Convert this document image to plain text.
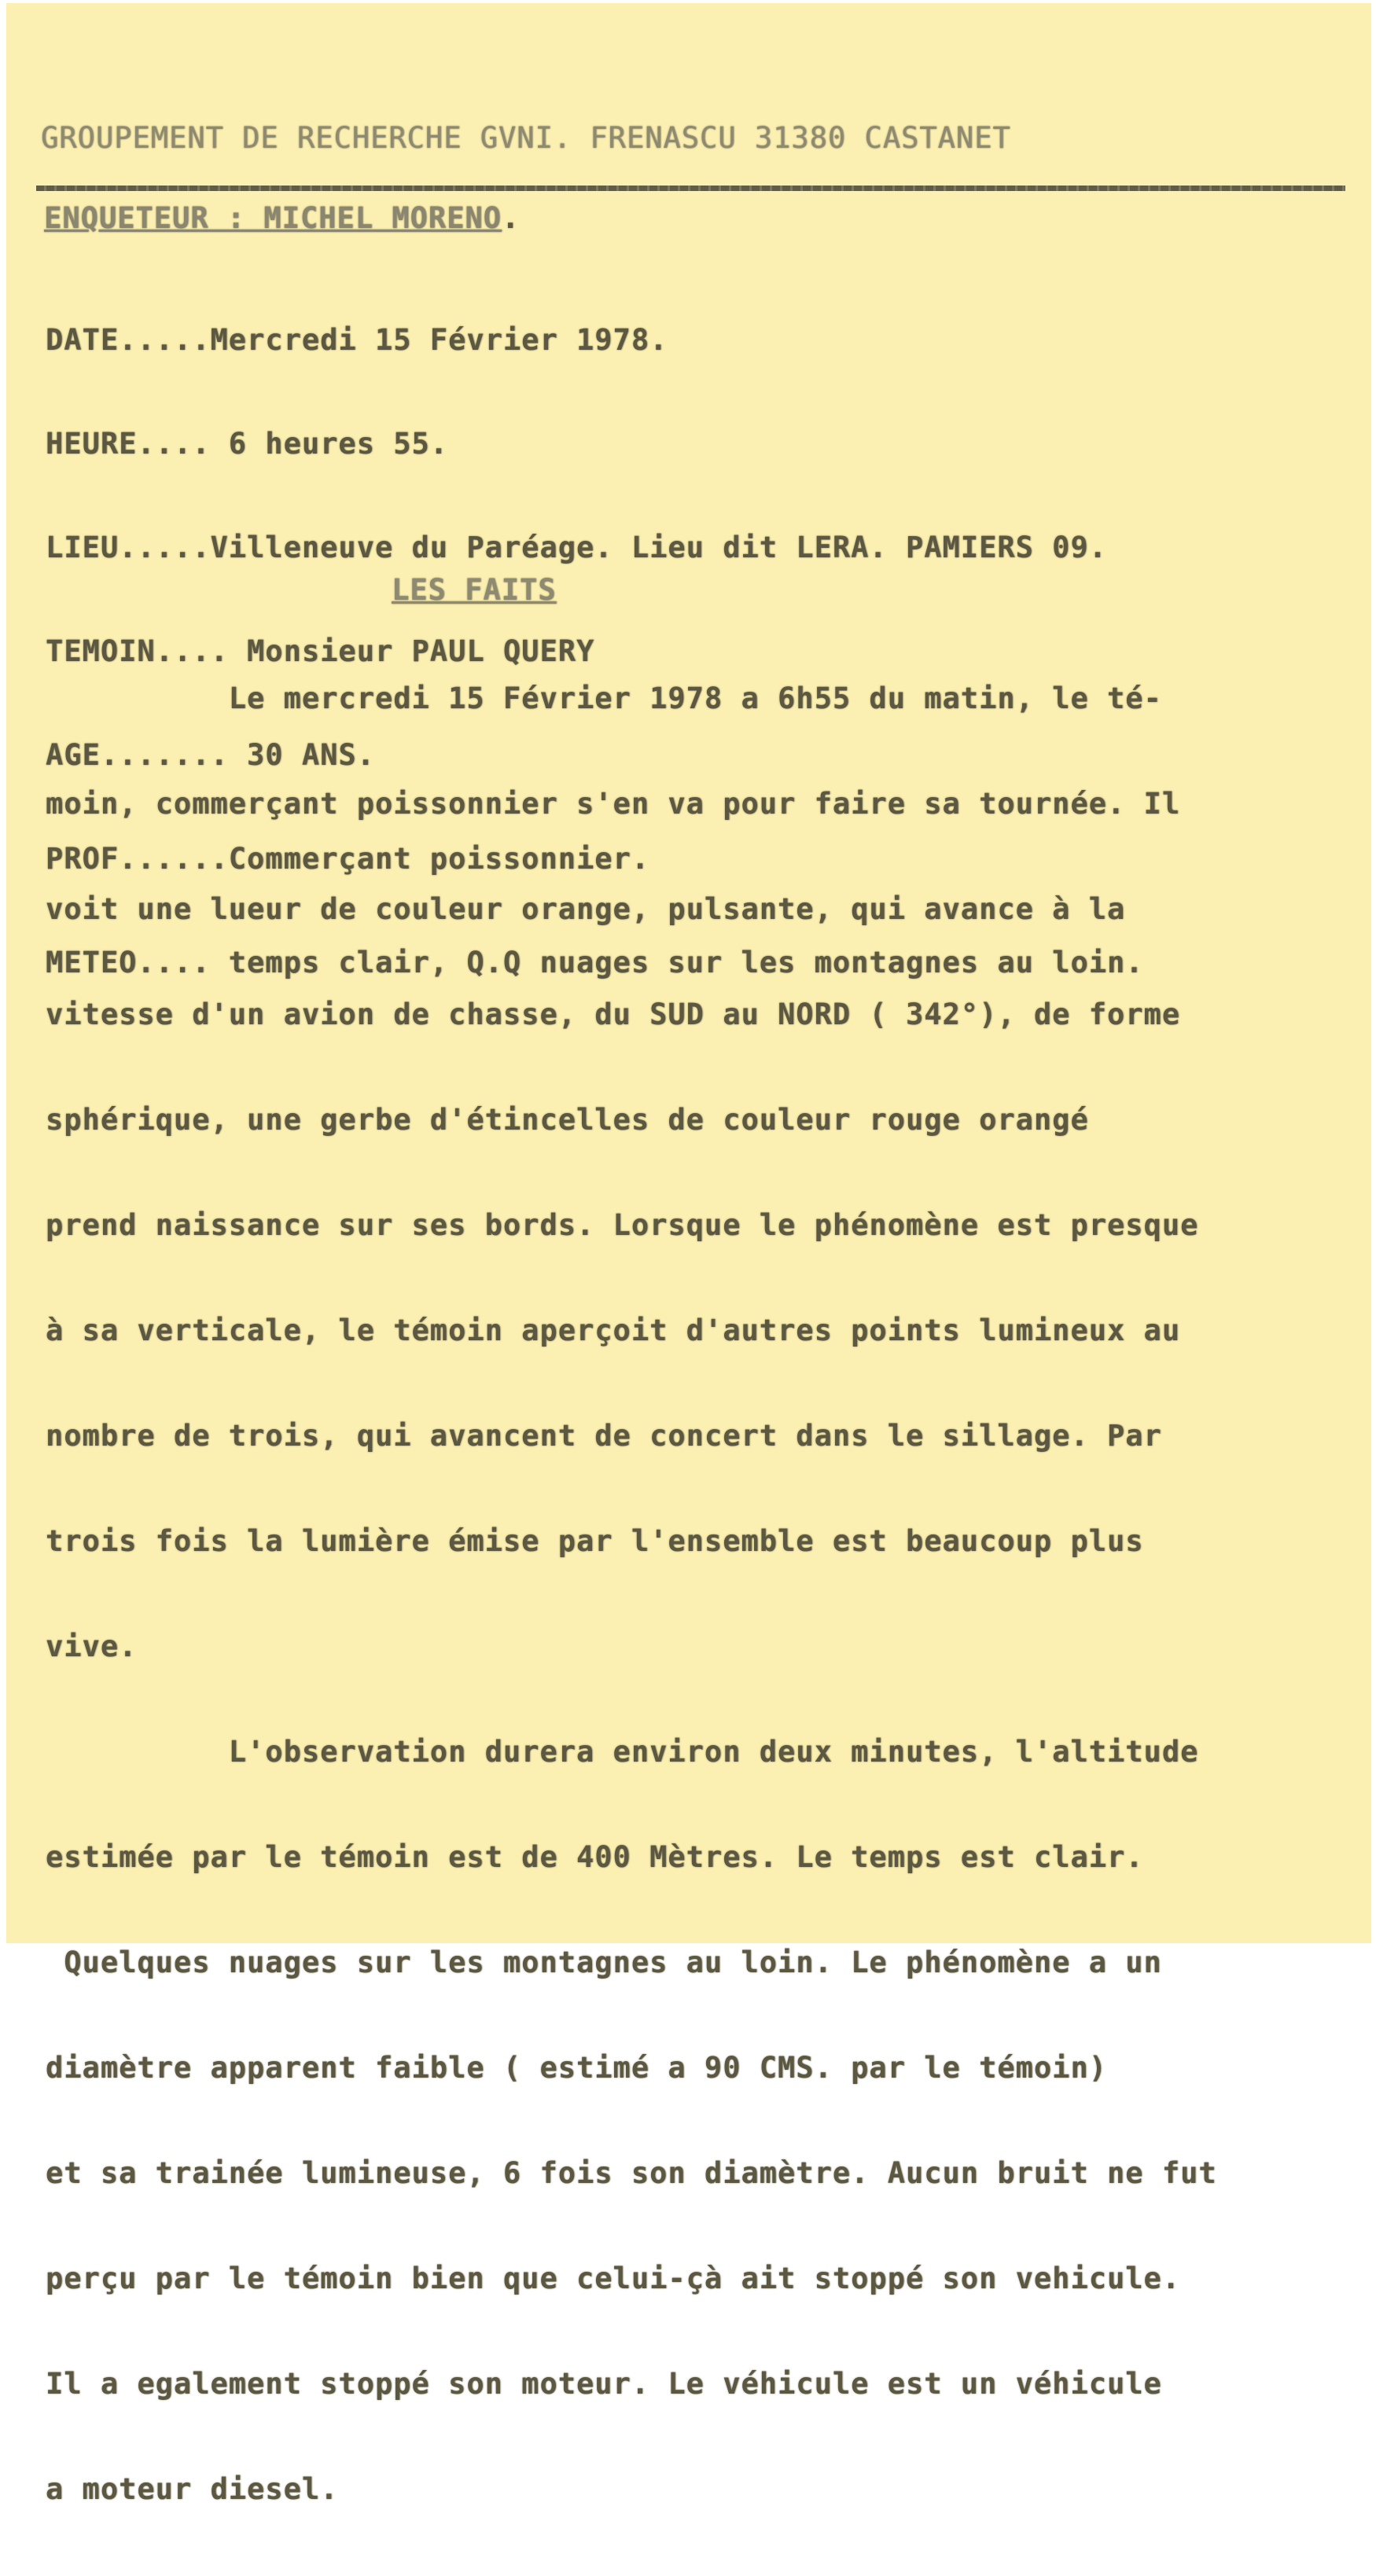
GROUPEMENT DE RECHERCHE GVNI. FRENASCU 31380 CASTANET
ENQUETEUR : MICHEL MORENO.

DATE.....Mercredi 15 Février 1978.

HEURE.... 6 heures 55.

LIEU.....Villeneuve du Paréage. Lieu dit LERA. PAMIERS 09.

TEMOIN.... Monsieur PAUL QUERY

AGE....... 30 ANS.

PROF......Commerçant poissonnier.

METEO.... temps clair, Q.Q nuages sur les montagnes au loin.

LES FAITS

Le mercredi 15 Février 1978 a 6h55 du matin, le té-

moin, commerçant poissonnier s'en va pour faire sa tournée. Il

voit une lueur de couleur orange, pulsante, qui avance à la

vitesse d'un avion de chasse, du SUD au NORD ( 342°), de forme

sphérique, une gerbe d'étincelles de couleur rouge orangé

prend naissance sur ses bords. Lorsque le phénomène est presque

à sa verticale, le témoin aperçoit d'autres points lumineux au

nombre de trois, qui avancent de concert dans le sillage. Par

trois fois la lumière émise par l'ensemble est beaucoup plus

vive.

L'observation durera environ deux minutes, l'altitude

estimée par le témoin est de 400 Mètres. Le temps est clair.

Quelques nuages sur les montagnes au loin. Le phénomène a un

diamètre apparent faible ( estimé a 90 CMS. par le témoin)

et sa trainée lumineuse, 6 fois son diamètre. Aucun bruit ne fut

perçu par le témoin bien que celui-çà ait stoppé son vehicule.

Il a egalement stoppé son moteur. Le véhicule est un véhicule

a moteur diesel.
